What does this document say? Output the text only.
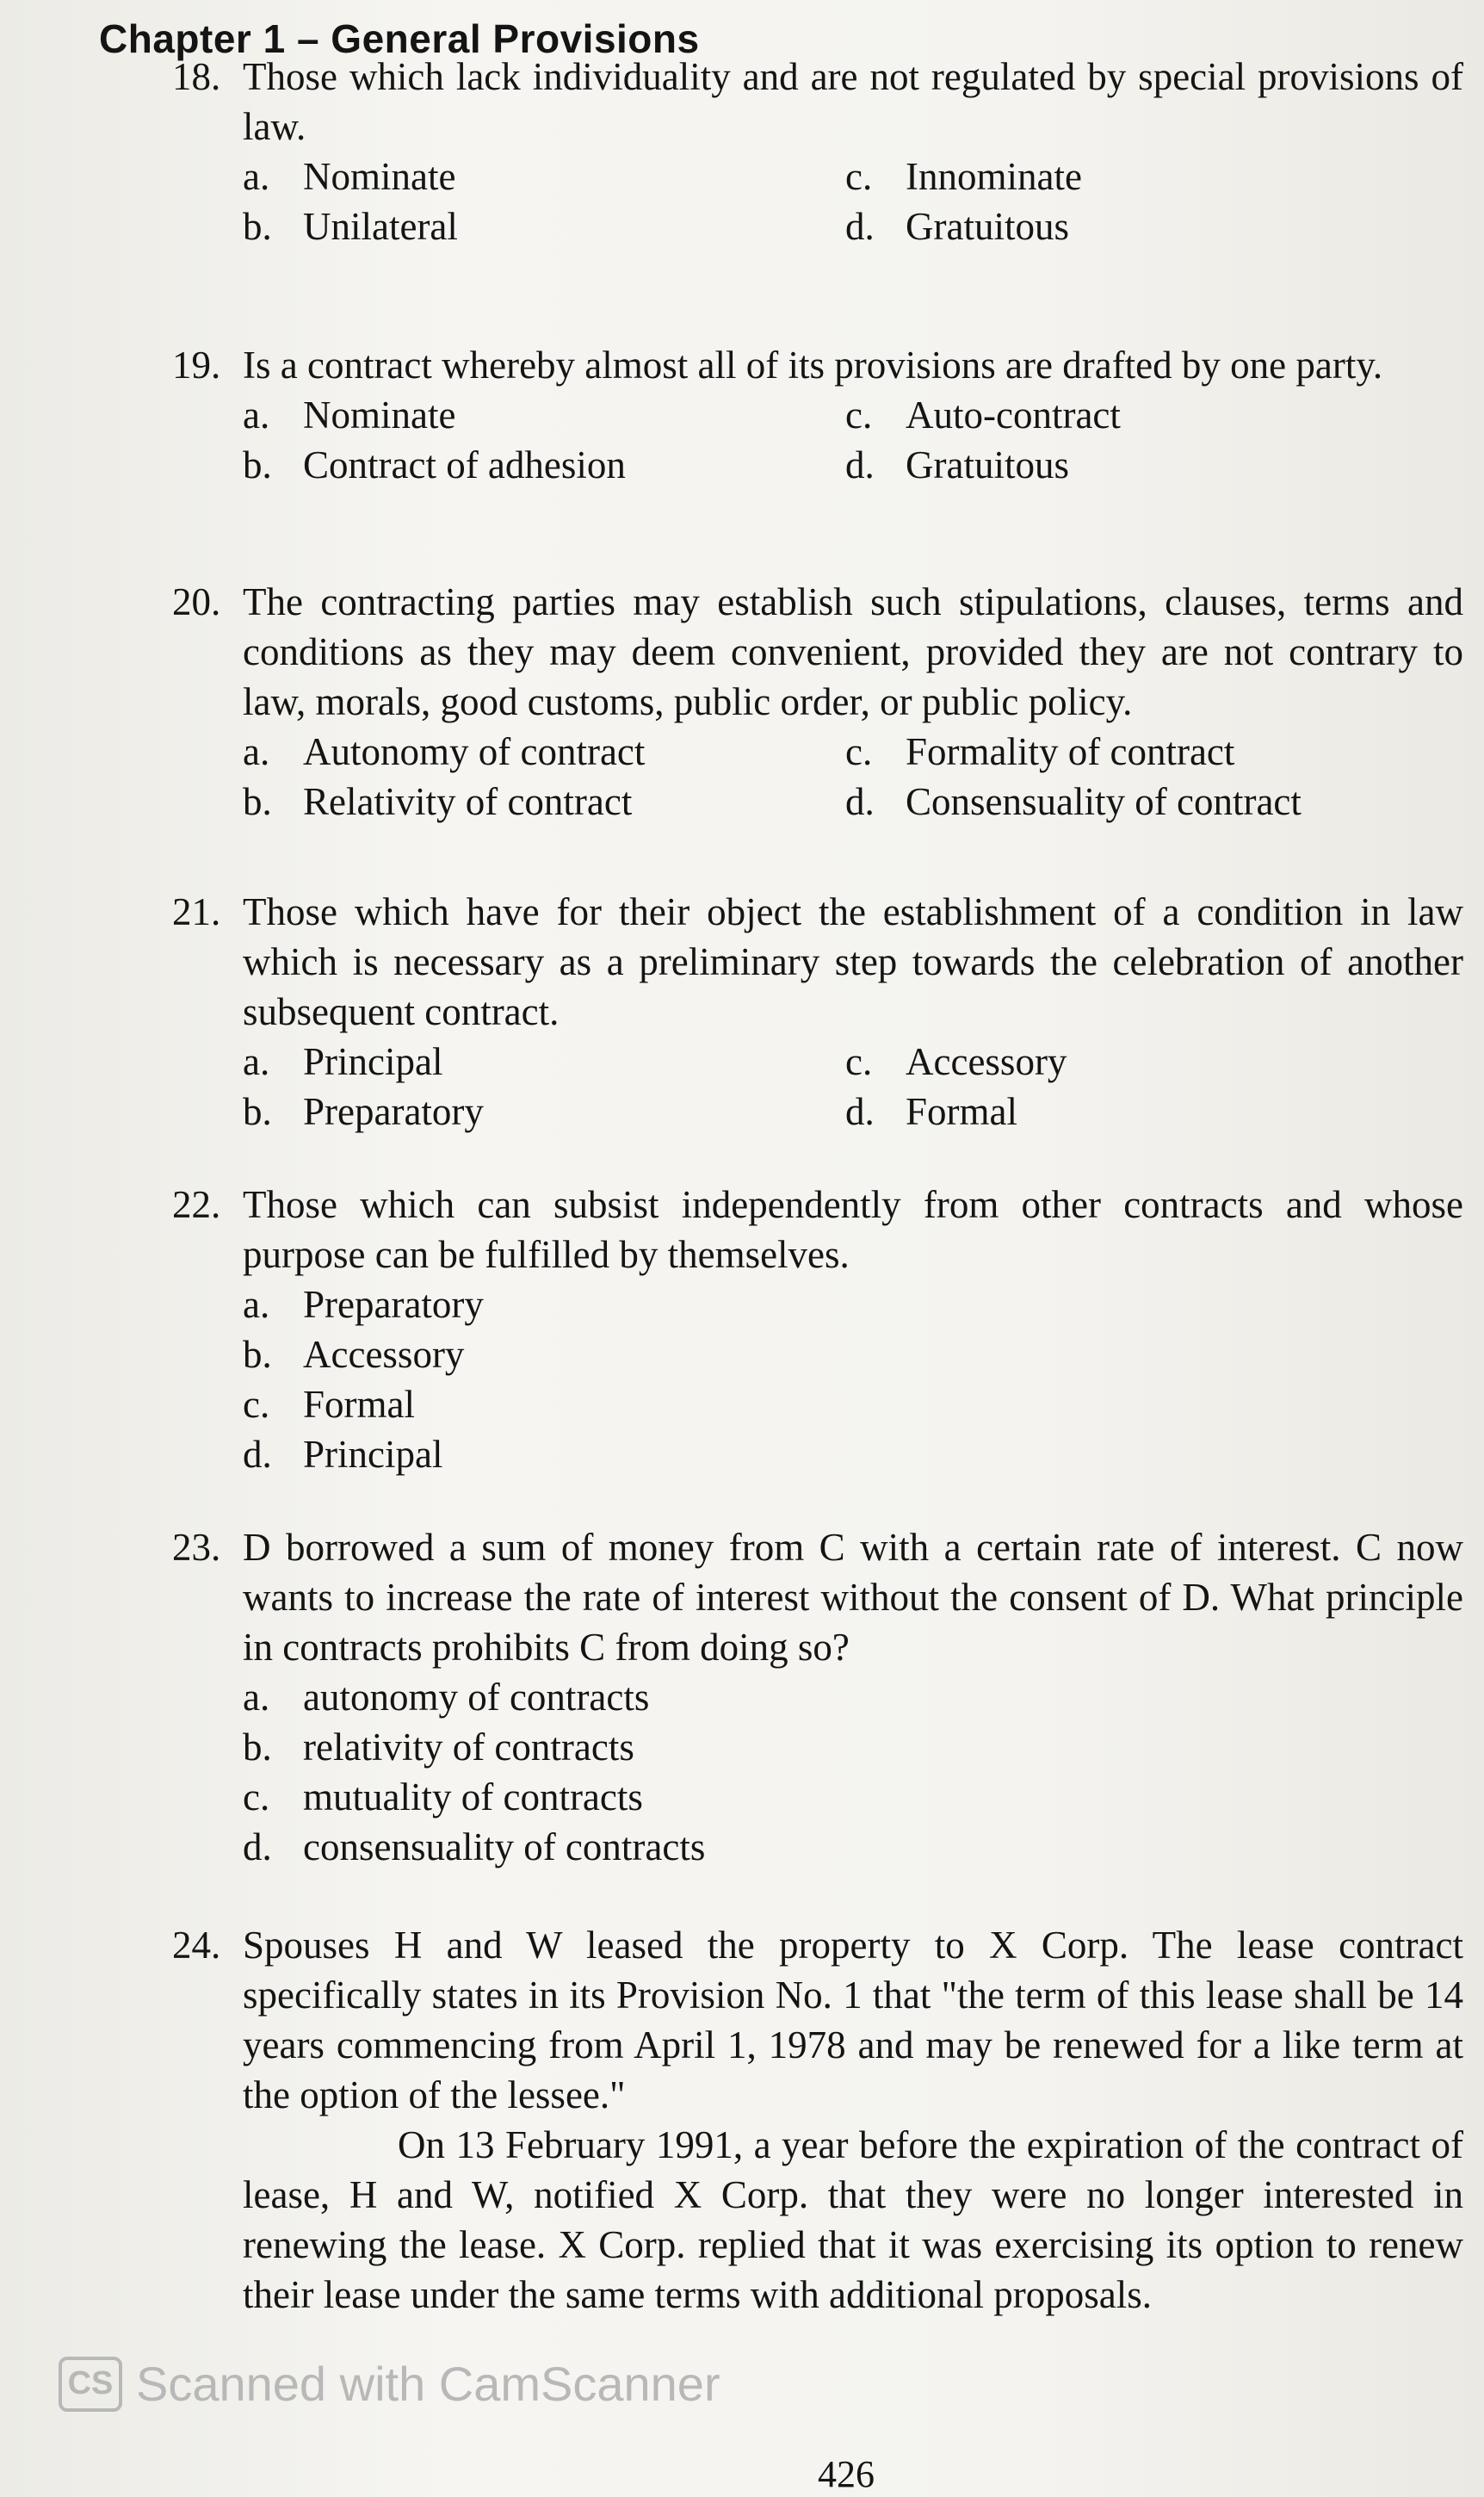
Chapter 1 – General Provisions

18. Those which lack individuality and are not regulated by special provisions of law.

a. Nominate
b. Unilateral
c. Innominate
d. Gratuitous

19. Is a contract whereby almost all of its provisions are drafted by one party.

a. Nominate
b. Contract of adhesion
c. Auto-contract
d. Gratuitous

20. The contracting parties may establish such stipulations, clauses, terms and conditions as they may deem convenient, provided they are not contrary to law, morals, good customs, public order, or public policy.

a. Autonomy of contract
b. Relativity of contract
c. Formality of contract
d. Consensuality of contract

21. Those which have for their object the establishment of a condition in law which is necessary as a preliminary step towards the celebration of another subsequent contract.

a. Principal
b. Preparatory
c. Accessory
d. Formal

22. Those which can subsist independently from other contracts and whose purpose can be fulfilled by themselves.

a. Preparatory
b. Accessory
c. Formal
d. Principal

23. D borrowed a sum of money from C with a certain rate of interest. C now wants to increase the rate of interest without the consent of D. What principle in contracts prohibits C from doing so?

a. autonomy of contracts
b. relativity of contracts
c. mutuality of contracts
d. consensuality of contracts

24. Spouses H and W leased the property to X Corp. The lease contract specifically states in its Provision No. 1 that "the term of this lease shall be 14 years commencing from April 1, 1978 and may be renewed for a like term at the option of the lessee."

On 13 February 1991, a year before the expiration of the contract of lease, H and W, notified X Corp. that they were no longer interested in renewing the lease. X Corp. replied that it was exercising its option to renew their lease under the same terms with additional proposals.

CS Scanned with CamScanner
426
